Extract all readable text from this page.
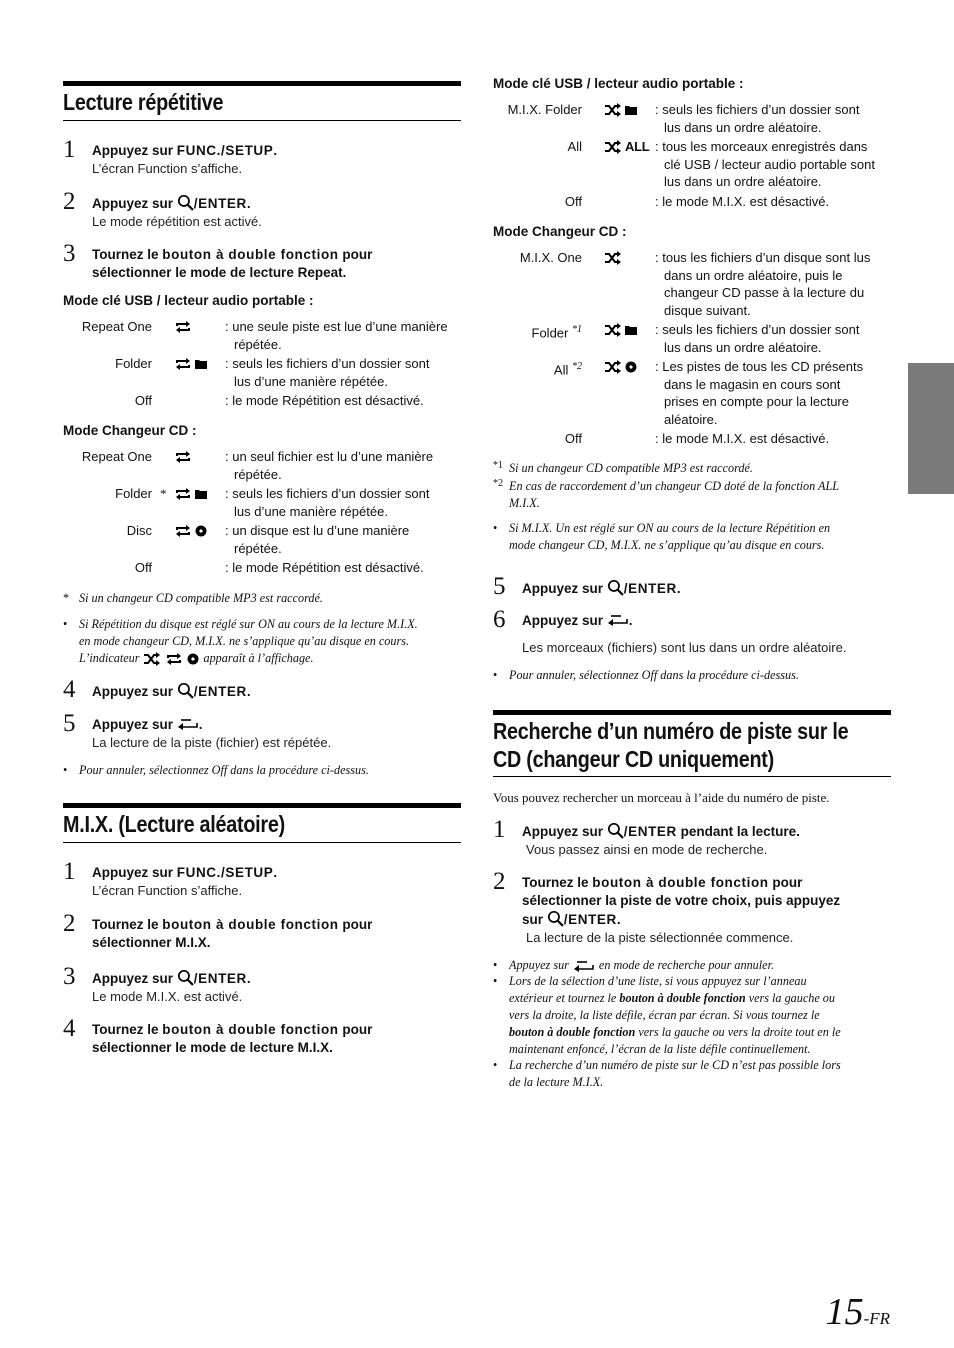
Lecture répétitive
1 Appuyez sur FUNC./SETUP.
L’écran Function s’affiche.
2 Appuyez sur /ENTER.
Le mode répétition est activé.
3 Tournez le bouton à double fonction pour
sélectionner le mode de lecture Repeat.
Mode clé USB / lecteur audio portable :
Repeat One	: une seule piste est lue d’une manière
répétée.
Folder	: seuls les fichiers d’un dossier sont
lus d’une manière répétée.
Off	: le mode Répétition est désactivé.
Mode Changeur CD :
Repeat One	: un seul fichier est lu d’une manière
répétée.
Folder *	: seuls les fichiers d’un dossier sont
lus d’une manière répétée.
Disc	: un disque est lu d’une manière
répétée.
Off	: le mode Répétition est désactivé.
* Si un changeur CD compatible MP3 est raccordé.
• Si Répétition du disque est réglé sur ON au cours de la lecture M.I.X.
en mode changeur CD, M.I.X. ne s’applique qu’au disque en cours.
L’indicateur	apparaît à l’affichage.
4 Appuyez sur /ENTER.
5 Appuyez sur .
La lecture de la piste (fichier) est répétée.
• Pour annuler, sélectionnez Off dans la procédure ci-dessus.
M.I.X. (Lecture aléatoire)
1 Appuyez sur FUNC./SETUP.
L’écran Function s’affiche.
2 Tournez le bouton à double fonction pour
sélectionner M.I.X.
3 Appuyez sur /ENTER.
Le mode M.I.X. est activé.
4 Tournez le bouton à double fonction pour
sélectionner le mode de lecture M.I.X.
Mode clé USB / lecteur audio portable :
M.I.X. Folder	: seuls les fichiers d’un dossier sont
lus dans un ordre aléatoire.
All	ALL : tous les morceaux enregistrés dans
clé USB / lecteur audio portable sont
lus dans un ordre aléatoire.
Off	: le mode M.I.X. est désactivé.
Mode Changeur CD :
M.I.X. One	: tous les fichiers d’un disque sont lus
dans un ordre aléatoire, puis le
changeur CD passe à la lecture du
disque suivant.
Folder $^{*1}$	: seuls les fichiers d’un dossier sont
lus dans un ordre aléatoire.
All $^{*2}$	: Les pistes de tous les CD présents
dans le magasin en cours sont
prises en compte pour la lecture
aléatoire.
Off	: le mode M.I.X. est désactivé.
*1 Si un changeur CD compatible MP3 est raccordé.
*2 En cas de raccordement d’un changeur CD doté de la fonction ALL
M.I.X.
• Si M.I.X. Un est réglé sur ON au cours de la lecture Répétition en
mode changeur CD, M.I.X. ne s’applique qu’au disque en cours.
5 Appuyez sur /ENTER.
6 Appuyez sur .
Les morceaux (fichiers) sont lus dans un ordre aléatoire.
• Pour annuler, sélectionnez Off dans la procédure ci-dessus.
Recherche d’un numéro de piste sur le
CD (changeur CD uniquement)
Vous pouvez rechercher un morceau à l’aide du numéro de piste.
1 Appuyez sur /ENTER pendant la lecture.
Vous passez ainsi en mode de recherche.
2 Tournez le bouton à double fonction pour
sélectionner la piste de votre choix, puis appuyez
sur /ENTER.
La lecture de la piste sélectionnée commence.
• Appuyez sur en mode de recherche pour annuler.
• Lors de la sélection d’une liste, si vous appuyez sur l’anneau
extérieur et tournez le bouton à double fonction vers la gauche ou
vers la droite, la liste défile, écran par écran. Si vous tournez le
bouton à double fonction vers la gauche ou vers la droite tout en le
maintenant enfoncé, l’écran de la liste défile continuellement.
• La recherche d’un numéro de piste sur le CD n’est pas possible lors
de la lecture M.I.X.
15-FR
